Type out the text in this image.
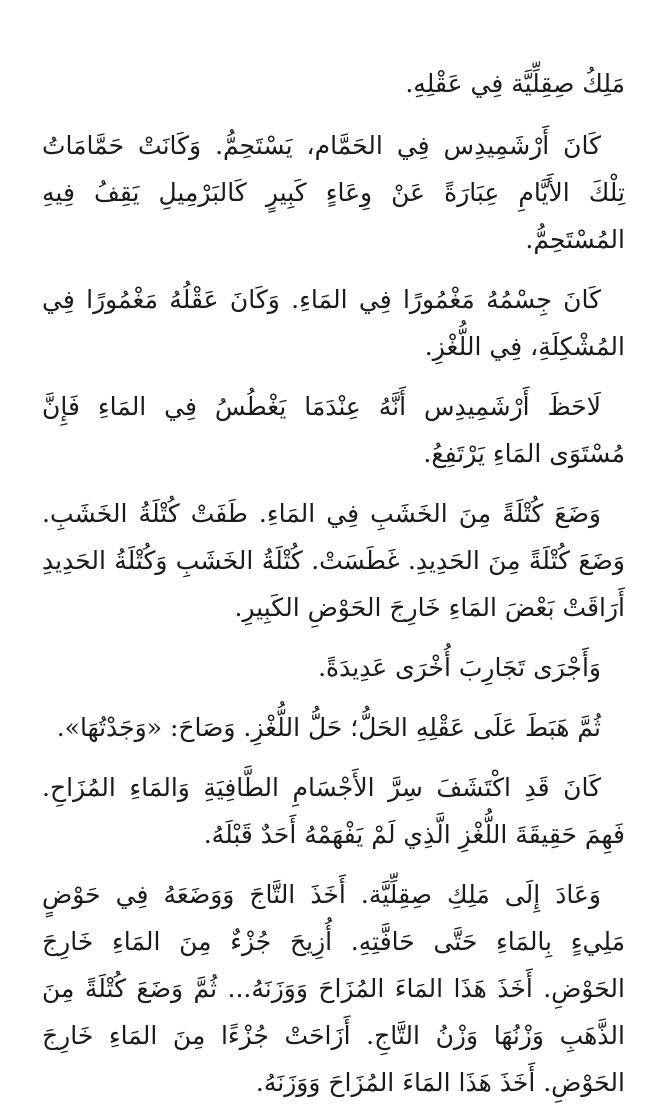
مَلِكُ صِقِلِّيَّة فِي عَقْلِهِ.

كَانَ أَرْشَمِيدِس فِي الحَمَّام، يَسْتَحِمُّ. وَكَانَتْ حَمَّامَاتُ تِلْكَ الأَيَّامِ عِبَارَةً عَنْ وِعَاءٍ كَبِيرٍ كَالبَرْمِيلِ يَقِفُ فِيهِ المُسْتَحِمُّ.

كَانَ جِسْمُهُ مَغْمُورًا فِي المَاءِ. وَكَانَ عَقْلُهُ مَغْمُورًا فِي المُشْكِلَةِ، فِي اللُّغْزِ.

لَاحَظَ أَرْشَمِيدِس أَنَّهُ عِنْدَمَا يَغْطُسُ فِي المَاءِ فَإِنَّ مُسْتَوَى المَاءِ يَرْتَفِعُ.

وَضَعَ كُتْلَةً مِنَ الخَشَبِ فِي المَاءِ. طَفَتْ كُتْلَةُ الخَشَبِ. وَضَعَ كُتْلَةً مِنَ الحَدِيدِ. غَطَسَتْ. كُتْلَةُ الخَشَبِ وَكُتْلَةُ الحَدِيدِ أَرَاقَتْ بَعْضَ المَاءِ خَارِجَ الحَوْضِ الكَبِيرِ.

وَأَجْرَى تَجَارِبَ أُخْرَى عَدِيدَةً.

ثُمَّ هَبَطَ عَلَى عَقْلِهِ الحَلُّ؛ حَلُّ اللُّغْزِ. وَصَاحَ: «وَجَدْتُهَا».

كَانَ قَدِ اكْتَشَفَ سِرَّ الأَجْسَامِ الطَّافِيَةِ وَالمَاءِ المُزَاحِ. فَهِمَ حَقِيقَةَ اللُّغْزِ الَّذِي لَمْ يَفْهَمْهُ أَحَدٌ قَبْلَهُ.

وَعَادَ إِلَى مَلِكِ صِقِلِّيَّة. أَخَذَ التَّاجَ وَوَضَعَهُ فِي حَوْضٍ مَلِيءٍ بِالمَاءِ حَتَّى حَافَّتِهِ. أُزِيحَ جُزْءٌ مِنَ المَاءِ خَارِجَ الحَوْضِ. أَخَذَ هَذَا المَاءَ المُزَاحَ وَوَزَنَهُ... ثُمَّ وَضَعَ كُتْلَةً مِنَ الذَّهَبِ وَزْنُهَا وَزْنُ التَّاجِ. أَزَاحَتْ جُزْءًا مِنَ المَاءِ خَارِجَ الحَوْضِ. أَخَذَ هَذَا المَاءَ المُزَاحَ وَوَزَنَهُ.
